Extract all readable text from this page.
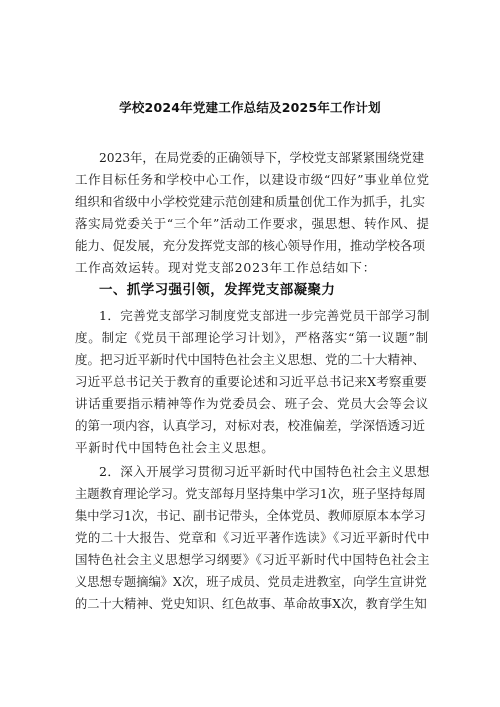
学校2024年党建工作总结及2025年工作计划
2023年，在局党委的正确领导下，学校党支部紧紧围绕党建
工作目标任务和学校中心工作，以建设市级“四好”事业单位党
组织和省级中小学校党建示范创建和质量创优工作为抓手，扎实
落实局党委关于“三个年”活动工作要求，强思想、转作风、提
能力、促发展，充分发挥党支部的核心领导作用，推动学校各项
工作高效运转。现对党支部2023年工作总结如下：
一、抓学习强引领，发挥党支部凝聚力
1．完善党支部学习制度党支部进一步完善党员干部学习制
度。制定《党员干部理论学习计划》，严格落实“第一议题”制
度。把习近平新时代中国特色社会主义思想、党的二十大精神、
习近平总书记关于教育的重要论述和习近平总书记来X考察重要
讲话重要指示精神等作为党委员会、班子会、党员大会等会议
的第一项内容，认真学习，对标对表，校准偏差，学深悟透习近
平新时代中国特色社会主义思想。
2．深入开展学习贯彻习近平新时代中国特色社会主义思想
主题教育理论学习。党支部每月坚持集中学习1次，班子坚持每周
集中学习1次，书记、副书记带头，全体党员、教师原原本本学习
党的二十大报告、党章和《习近平著作选读》《习近平新时代中
国特色社会主义思想学习纲要》《习近平新时代中国特色社会主
义思想专题摘编》X次，班子成员、党员走进教室，向学生宣讲党
的二十大精神、党史知识、红色故事、革命故事X次，教育学生知
